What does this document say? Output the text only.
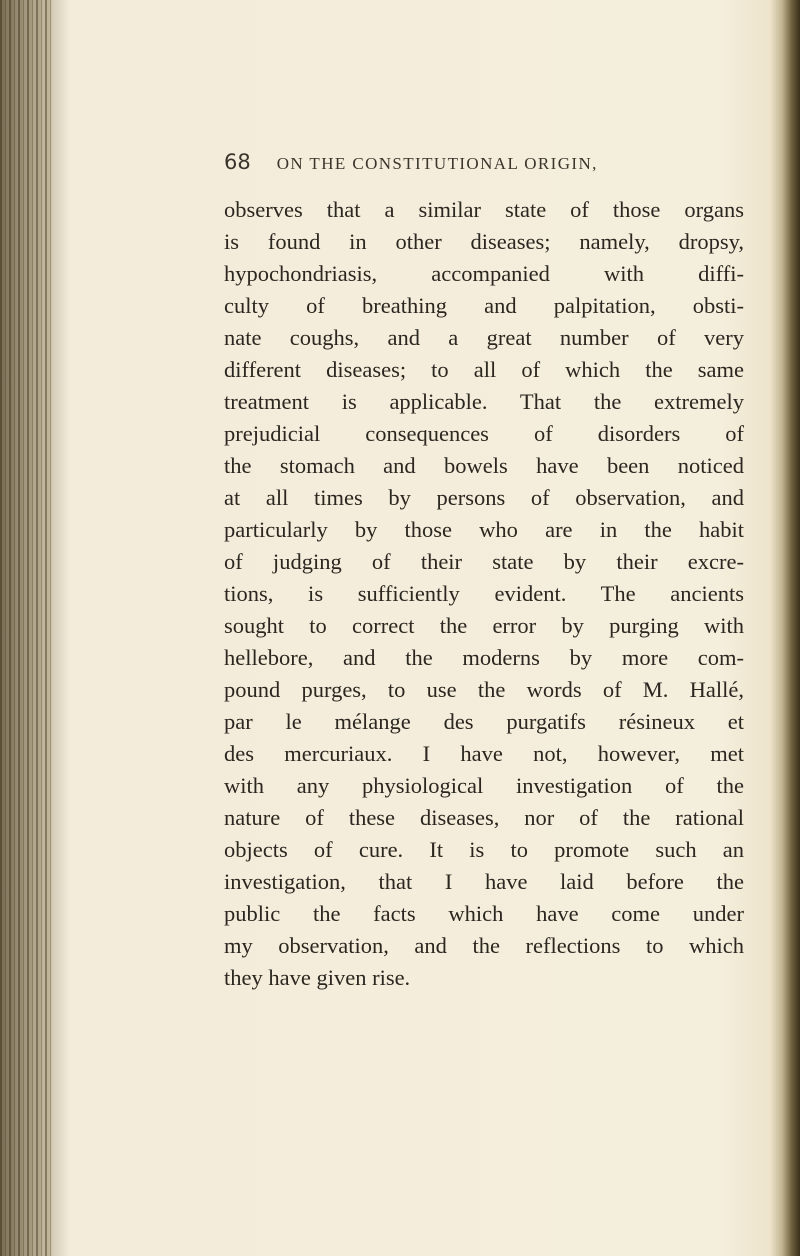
68 ON THE CONSTITUTIONAL ORIGIN,
observes that a similar state of those organs
is found in other diseases; namely, dropsy,
hypochondriasis, accompanied with diffi-
culty of breathing and palpitation, obsti-
nate coughs, and a great number of very
different diseases; to all of which the same
treatment is applicable. That the extremely
prejudicial consequences of disorders of
the stomach and bowels have been noticed
at all times by persons of observation, and
particularly by those who are in the habit
of judging of their state by their excre-
tions, is sufficiently evident. The ancients
sought to correct the error by purging with
hellebore, and the moderns by more com-
pound purges, to use the words of M. Hallé,
par le mélange des purgatifs résineux et
des mercuriaux. I have not, however, met
with any physiological investigation of the
nature of these diseases, nor of the rational
objects of cure. It is to promote such an
investigation, that I have laid before the
public the facts which have come under
my observation, and the reflections to which
they have given rise.
